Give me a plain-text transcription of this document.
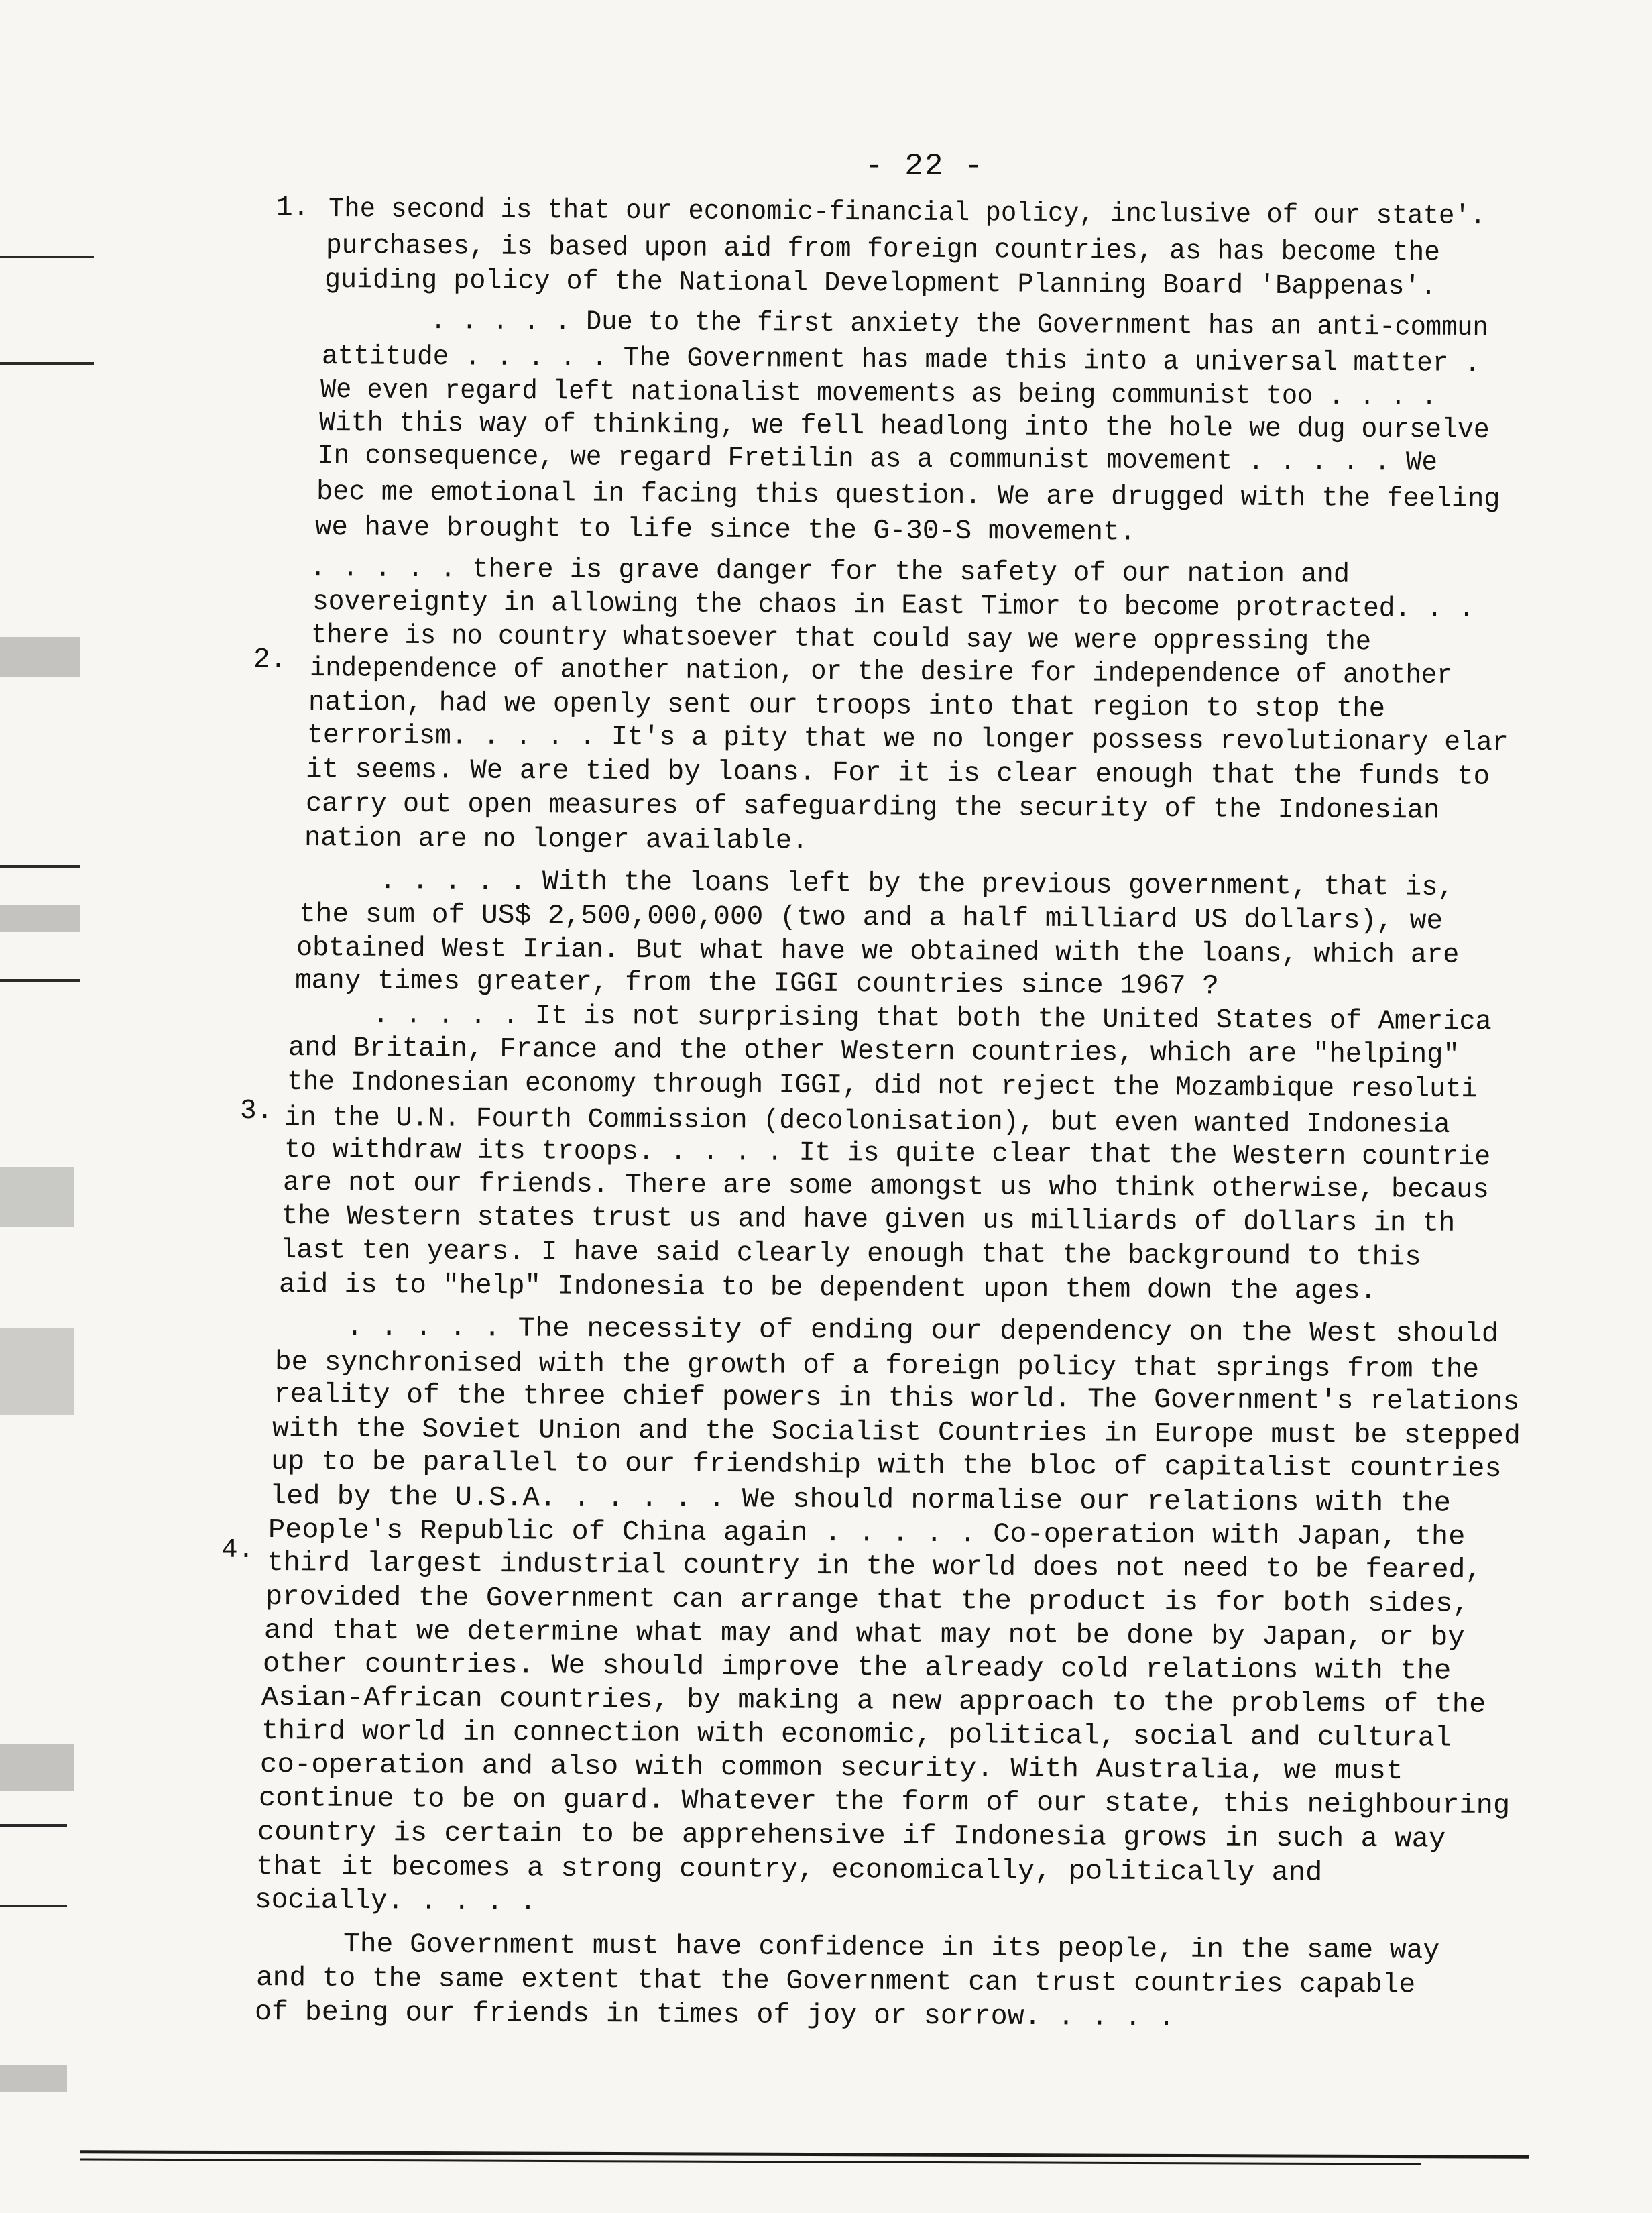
- 22 -
1.
2.
3.
4.
The second is that our economic-financial policy, inclusive of our state'.
purchases, is based upon aid from foreign countries, as has become the
guiding policy of the National Development Planning Board 'Bappenas'.
. . . . . Due to the first anxiety the Government has an anti-commun
attitude . . . . . The Government has made this into a universal matter .
We even regard left nationalist movements as being communist too . . . .
With this way of thinking, we fell headlong into the hole we dug ourselve
In consequence, we regard Fretilin as a communist movement . . . . . We
bec me emotional in facing this question. We are drugged with the feeling
we have brought to life since the G-30-S movement.
. . . . . there is grave danger for the safety of our nation and
sovereignty in allowing the chaos in East Timor to become protracted. . .
there is no country whatsoever that could say we were oppressing the
independence of another nation, or the desire for independence of another
nation, had we openly sent our troops into that region to stop the
terrorism. . . . . It's a pity that we no longer possess revolutionary elar
it seems. We are tied by loans. For it is clear enough that the funds to
carry out open measures of safeguarding the security of the Indonesian
nation are no longer available.
. . . . . With the loans left by the previous government, that is,
the sum of US$ 2,500,000,000 (two and a half milliard US dollars), we
obtained West Irian. But what have we obtained with the loans, which are
many times greater, from the IGGI countries since 1967 ?
. . . . . It is not surprising that both the United States of America
and Britain, France and the other Western countries, which are "helping"
the Indonesian economy through IGGI, did not reject the Mozambique resoluti
in the U.N. Fourth Commission (decolonisation), but even wanted Indonesia
to withdraw its troops. . . . . It is quite clear that the Western countrie
are not our friends. There are some amongst us who think otherwise, becaus
the Western states trust us and have given us milliards of dollars in th
last ten years. I have said clearly enough that the background to this
aid is to "help" Indonesia to be dependent upon them down the ages.
. . . . . The necessity of ending our dependency on the West should
be synchronised with the growth of a foreign policy that springs from the
reality of the three chief powers in this world. The Government's relations
with the Soviet Union and the Socialist Countries in Europe must be stepped
up to be parallel to our friendship with the bloc of capitalist countries
led by the U.S.A. . . . . . We should normalise our relations with the
People's Republic of China again . . . . . Co-operation with Japan, the
third largest industrial country in the world does not need to be feared,
provided the Government can arrange that the product is for both sides,
and that we determine what may and what may not be done by Japan, or by
other countries. We should improve the already cold relations with the
Asian-African countries, by making a new approach to the problems of the
third world in connection with economic, political, social and cultural
co-operation and also with common security. With Australia, we must
continue to be on guard. Whatever the form of our state, this neighbouring
country is certain to be apprehensive if Indonesia grows in such a way
that it becomes a strong country, economically, politically and
socially. . . . .
The Government must have confidence in its people, in the same way
and to the same extent that the Government can trust countries capable
of being our friends in times of joy or sorrow. . . . .
